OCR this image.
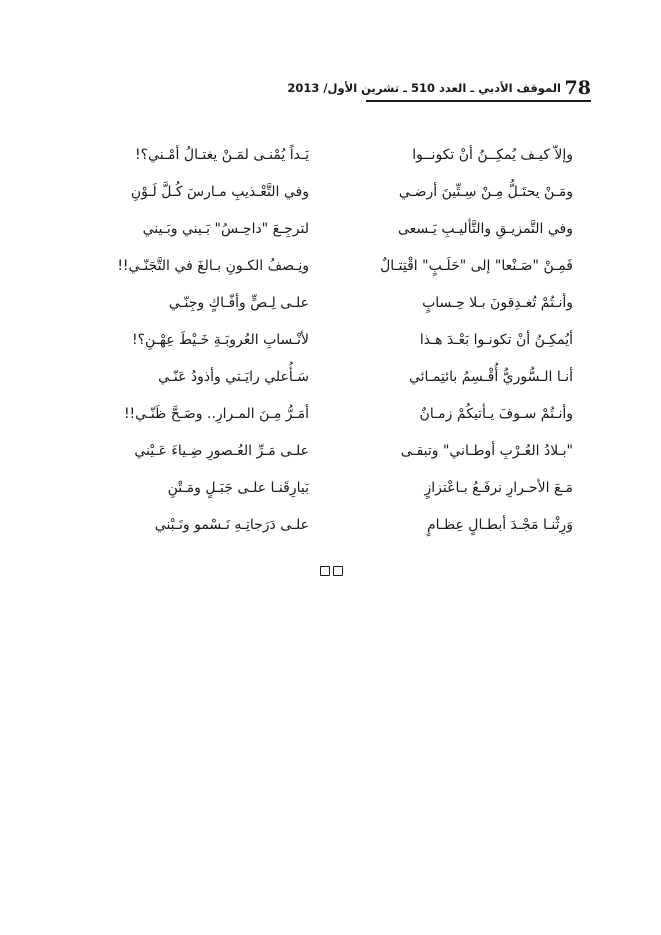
الموقف الأدبي ـ العدد 510 ـ تشرين الأول/ 2013 78
وإلاّ كيـف يُمكِــنُ أنْ تكونــوا
يَـداً يُمْنـى لمَـنْ يغتـالُ أمْـني؟!
ومَـنْ يحتَـلُّ مِـنْ سِـتِّينَ أرضـي
وفي التَّعْـذيبِ مـارسَ كُـلَّ لَـوْنِ
وفي التَّمزيـقِ والتَّأليـبِ يَـسعى
لترجِـعَ "داحِـسُ" بَـيني وبَـيني
فَمِـنْ "صَـنْعا" إلى "حَلَـبٍ" اقْتِتـالٌ
ونِـصفُ الكـونِ بـالغَ في التَّجَنّـي!!
وأنـتُمْ تُغـدِقونَ بـلا حِـسابٍ
علـى لِـصٍّ وأفّـاكٍ وجِنّـي
أيُمكِـنُ أنْ تكونـوا بَعْـدَ هـذا
لأنْـسابِ العُروبَـةِ خَـيْطَ عِهْـنِ؟!
أنـا الـسُّوريُّ أُقْـسِمُ بائتِمـائي
سَـأُعلي رايَـتي وأذودُ عَنّـي
وأنـتُمْ سـوفَ يـأتيكُمْ زمـانٌ
أمَـرُّ مِـنَ المـرارِ.. وصَـحَّ ظَنّـي!!
"بـلادُ العُـرْبِ أوطـاني" وتبقـى
علـى مَـرِّ العُـصورِ ضِـياءَ عَـيْني
مَـعَ الأحـرارِ نرفَـعُ بـاعْتزازٍ
بَيارِقَنـا علـى جَبَـلٍ ومَـتْنِ
وَرِثْنـا مَجْـدَ أبطـالٍ عِظـامٍ
علـى دَرَجاتِـهِ نَـسْمو ونَـبْني
